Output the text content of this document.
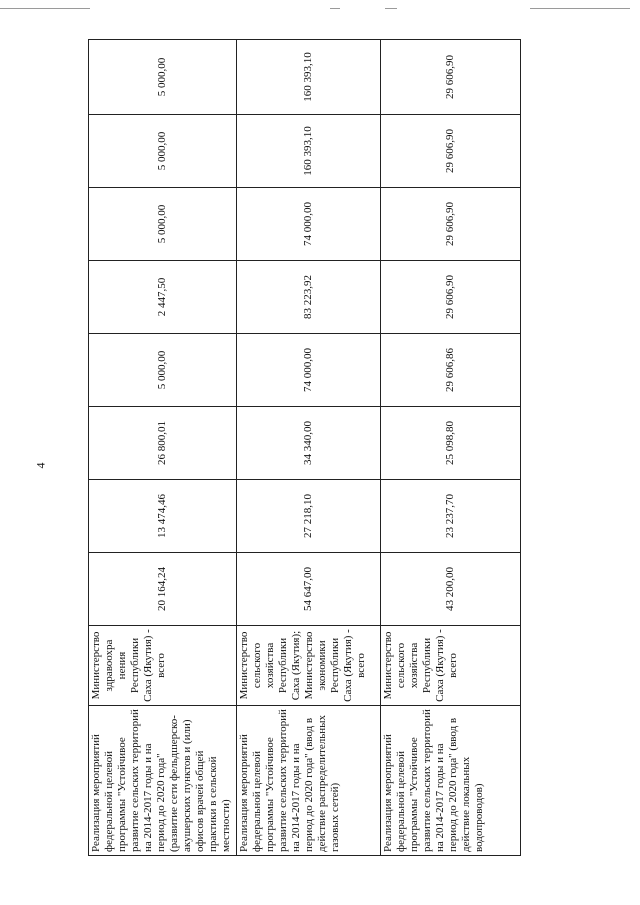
4
Реализация мероприятий федеральной целевой программы "Устойчивое развитие сельских территорий на 2014-2017 годы и на период до 2020 года" (развитие сети фельдшерско-акушерских пунктов и (или) офисов врачей общей практики в сельской местности)	Министерство здравоохра нения Республики Саха (Якутия) - всего	20 164,24	13 474,46	26 800,01	5 000,00	2 447,50	5 000,00	5 000,00	5 000,00
Реализация мероприятий федеральной целевой программы "Устойчивое развитие сельских территорий на 2014-2017 годы и на период до 2020 года" (ввод в действие распределительных газовых сетей)	Министерство сельского хозяйства Республики Саха (Якутия); Министерство экономики Республики Саха (Якутия) - всего	54 647,00	27 218,10	34 340,00	74 000,00	83 223,92	74 000,00	160 393,10	160 393,10
Реализация мероприятий федеральной целевой программы "Устойчивое развитие сельских территорий на 2014-2017 годы и на период до 2020 года" (ввод в действие локальных водопроводов)	Министерство сельского хозяйства Республики Саха (Якутия) - всего	43 200,00	23 237,70	25 098,80	29 606,86	29 606,90	29 606,90	29 606,90	29 606,90
